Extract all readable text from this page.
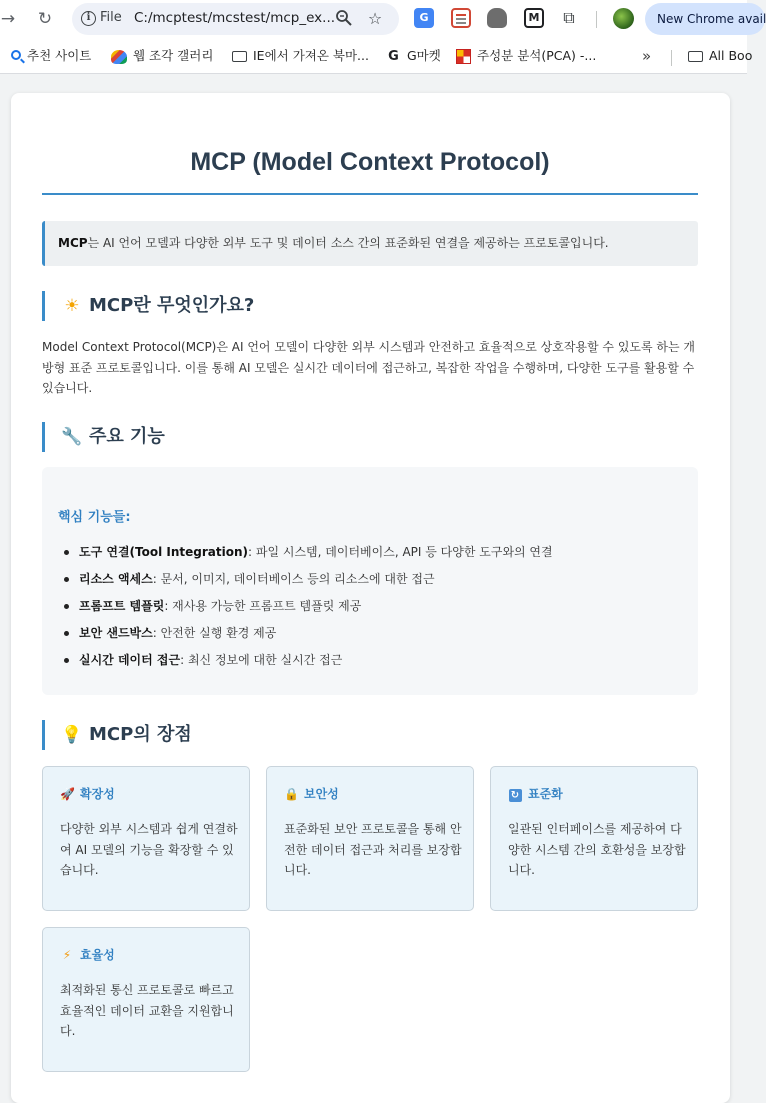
→ ↻	i File C:/mcptest/mcstest/mcp_ex... ☆	G	M ⧉	New Chrome avail
추천 사이트	웹 조각 갤러리	IE에서 가져온 북마... G G마켓	주성분 분석(PCA) -...	»	All Boo
MCP (Model Context Protocol)
MCP는 AI 언어 모델과 다양한 외부 도구 및 데이터 소스 간의 표준화된 연결을 제공하는 프로토콜입니다.
☀ MCP란 무엇인가요?

Model Context Protocol(MCP)은 AI 언어 모델이 다양한 외부 시스템과 안전하고 효율적으로 상호작용할 수 있도록 하는 개방형 표준 프로토콜입니다. 이를 통해 AI 모델은 실시간 데이터에 접근하고, 복잡한 작업을 수행하며, 다양한 도구를 활용할 수 있습니다.

🔧 주요 기능
핵심 기능들:
도구 연결(Tool Integration): 파일 시스템, 데이터베이스, API 등 다양한 도구와의 연결
리소스 액세스: 문서, 이미지, 데이터베이스 등의 리소스에 대한 접근
프롬프트 템플릿: 재사용 가능한 프롬프트 템플릿 제공
보안 샌드박스: 안전한 실행 환경 제공
실시간 데이터 접근: 최신 정보에 대한 실시간 접근
💡 MCP의 장점
🚀 확장성
다양한 외부 시스템과 쉽게 연결하여 AI 모델의 기능을 확장할 수 있습니다.
🔒 보안성
표준화된 보안 프로토콜을 통해 안전한 데이터 접근과 처리를 보장합니다.
↻ 표준화
일관된 인터페이스를 제공하여 다양한 시스템 간의 호환성을 보장합니다.
⚡ 효율성
최적화된 통신 프로토콜로 빠르고 효율적인 데이터 교환을 지원합니다.
